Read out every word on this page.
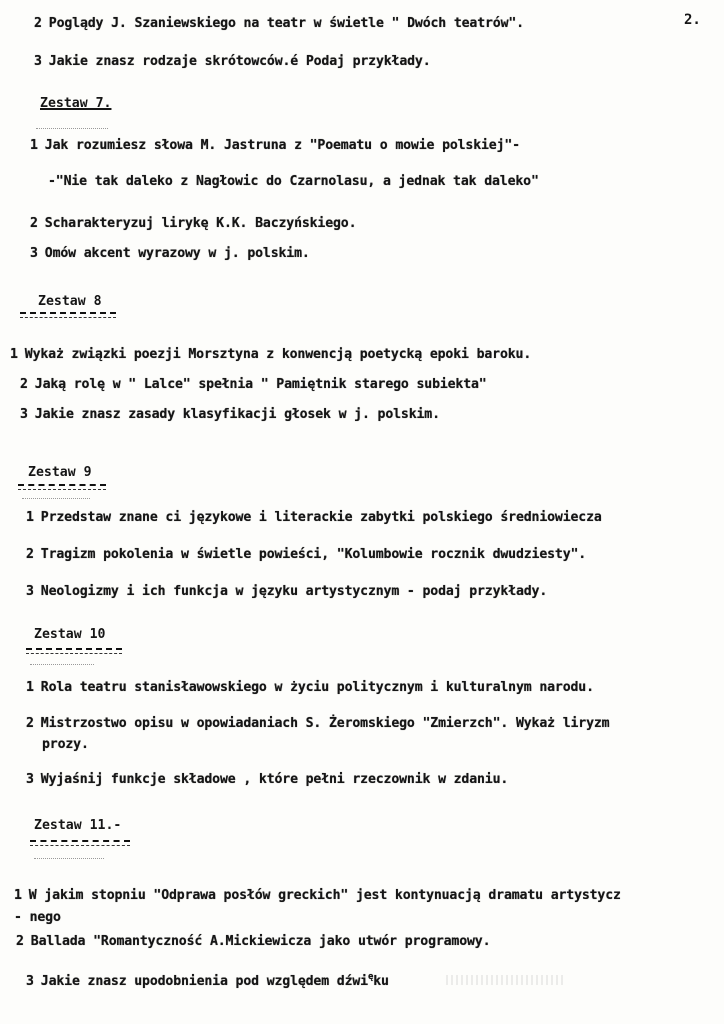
2.
2 Poglądy J. Szaniewskiego na teatr w świetle " Dwóch teatrów".
3 Jakie znasz rodzaje skrótowców.é Podaj przykłady.
Zestaw 7.
1 Jak rozumiesz słowa M. Jastruna z "Poematu o mowie polskiej"-
-"Nie tak daleko z Nagłowic do Czarnolasu, a jednak tak daleko"
2 Scharakteryzuj lirykę K.K. Baczyńskiego.
3 Omów akcent wyrazowy w j. polskim.
Zestaw 8
1 Wykaż związki poezji Morsztyna z konwencją poetycką epoki baroku.
2 Jaką rolę w " Lalce" spełnia " Pamiętnik starego subiekta"
3 Jakie znasz zasady klasyfikacji głosek w j. polskim.
Zestaw 9
1 Przedstaw znane ci językowe i literackie zabytki polskiego średniowiecza
2 Tragizm pokolenia w świetle powieści, "Kolumbowie rocznik dwudziesty".
3 Neologizmy i ich funkcja w języku artystycznym - podaj przykłady.
Zestaw 10
1 Rola teatru stanisławowskiego w życiu politycznym i kulturalnym narodu.
2 Mistrzostwo opisu w opowiadaniach S. Żeromskiego "Zmierzch". Wykaż liryzm
prozy.
3 Wyjaśnij funkcje składowe , które pełni rzeczownik w zdaniu.
Zestaw 11.-
1 W jakim stopniu "Odprawa posłów greckich" jest kontynuacją dramatu artystycz
- nego
2 Ballada "Romantyczność A.Mickiewicza jako utwór programowy.
3 Jakie znasz upodobnienia pod względem dźwi$^ę$ku
